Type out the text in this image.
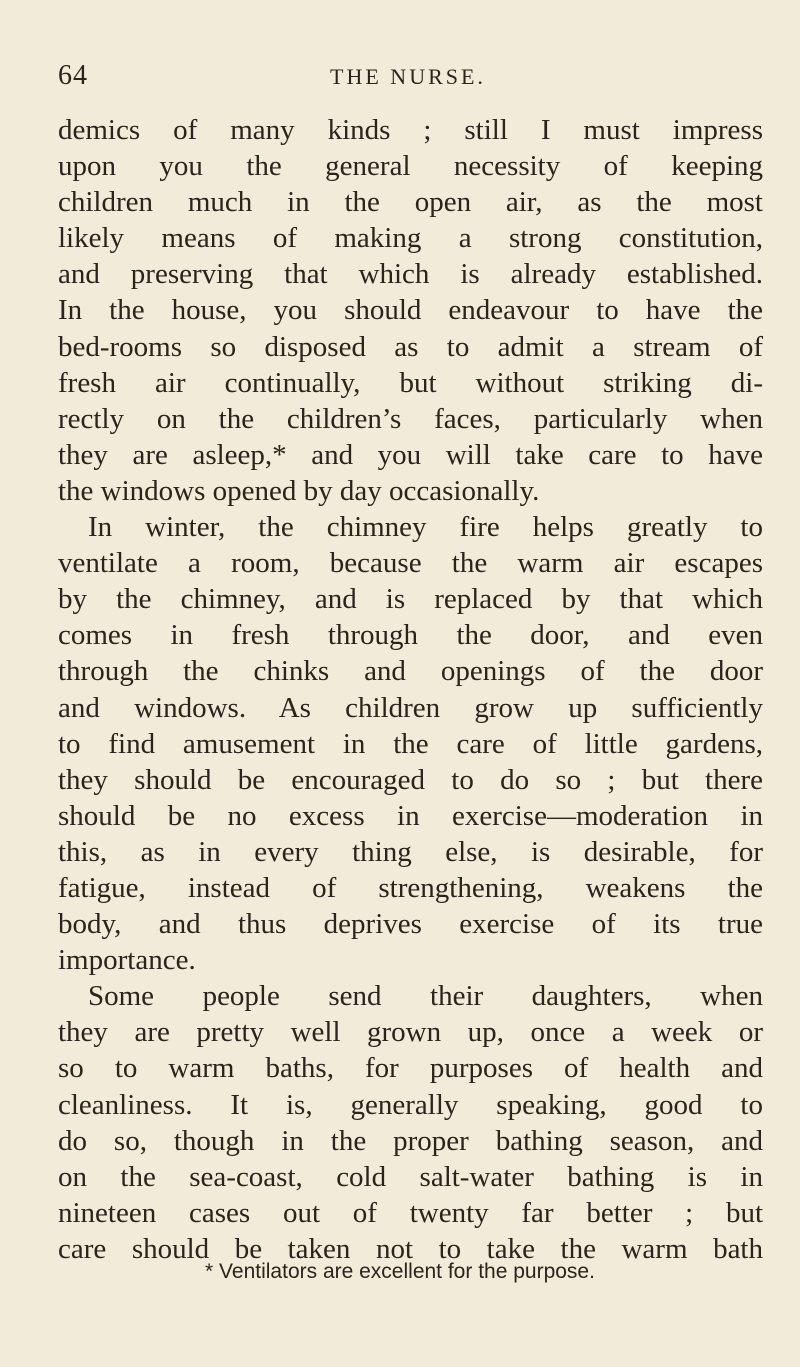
64	THE NURSE.
demics of many kinds ; still I must impress
upon you the general necessity of keeping
children much in the open air, as the most
likely means of making a strong constitution,
and preserving that which is already established.
In the house, you should endeavour to have the
bed-rooms so disposed as to admit a stream of
fresh air continually, but without striking di-
rectly on the children’s faces, particularly when
they are asleep,* and you will take care to have
the windows opened by day occasionally.
In winter, the chimney fire helps greatly to
ventilate a room, because the warm air escapes
by the chimney, and is replaced by that which
comes in fresh through the door, and even
through the chinks and openings of the door
and windows. As children grow up sufficiently
to find amusement in the care of little gardens,
they should be encouraged to do so ; but there
should be no excess in exercise—moderation in
this, as in every thing else, is desirable, for
fatigue, instead of strengthening, weakens the
body, and thus deprives exercise of its true
importance.
Some people send their daughters, when
they are pretty well grown up, once a week or
so to warm baths, for purposes of health and
cleanliness. It is, generally speaking, good to
do so, though in the proper bathing season, and
on the sea-coast, cold salt-water bathing is in
nineteen cases out of twenty far better ; but
care should be taken not to take the warm bath
* Ventilators are excellent for the purpose.
